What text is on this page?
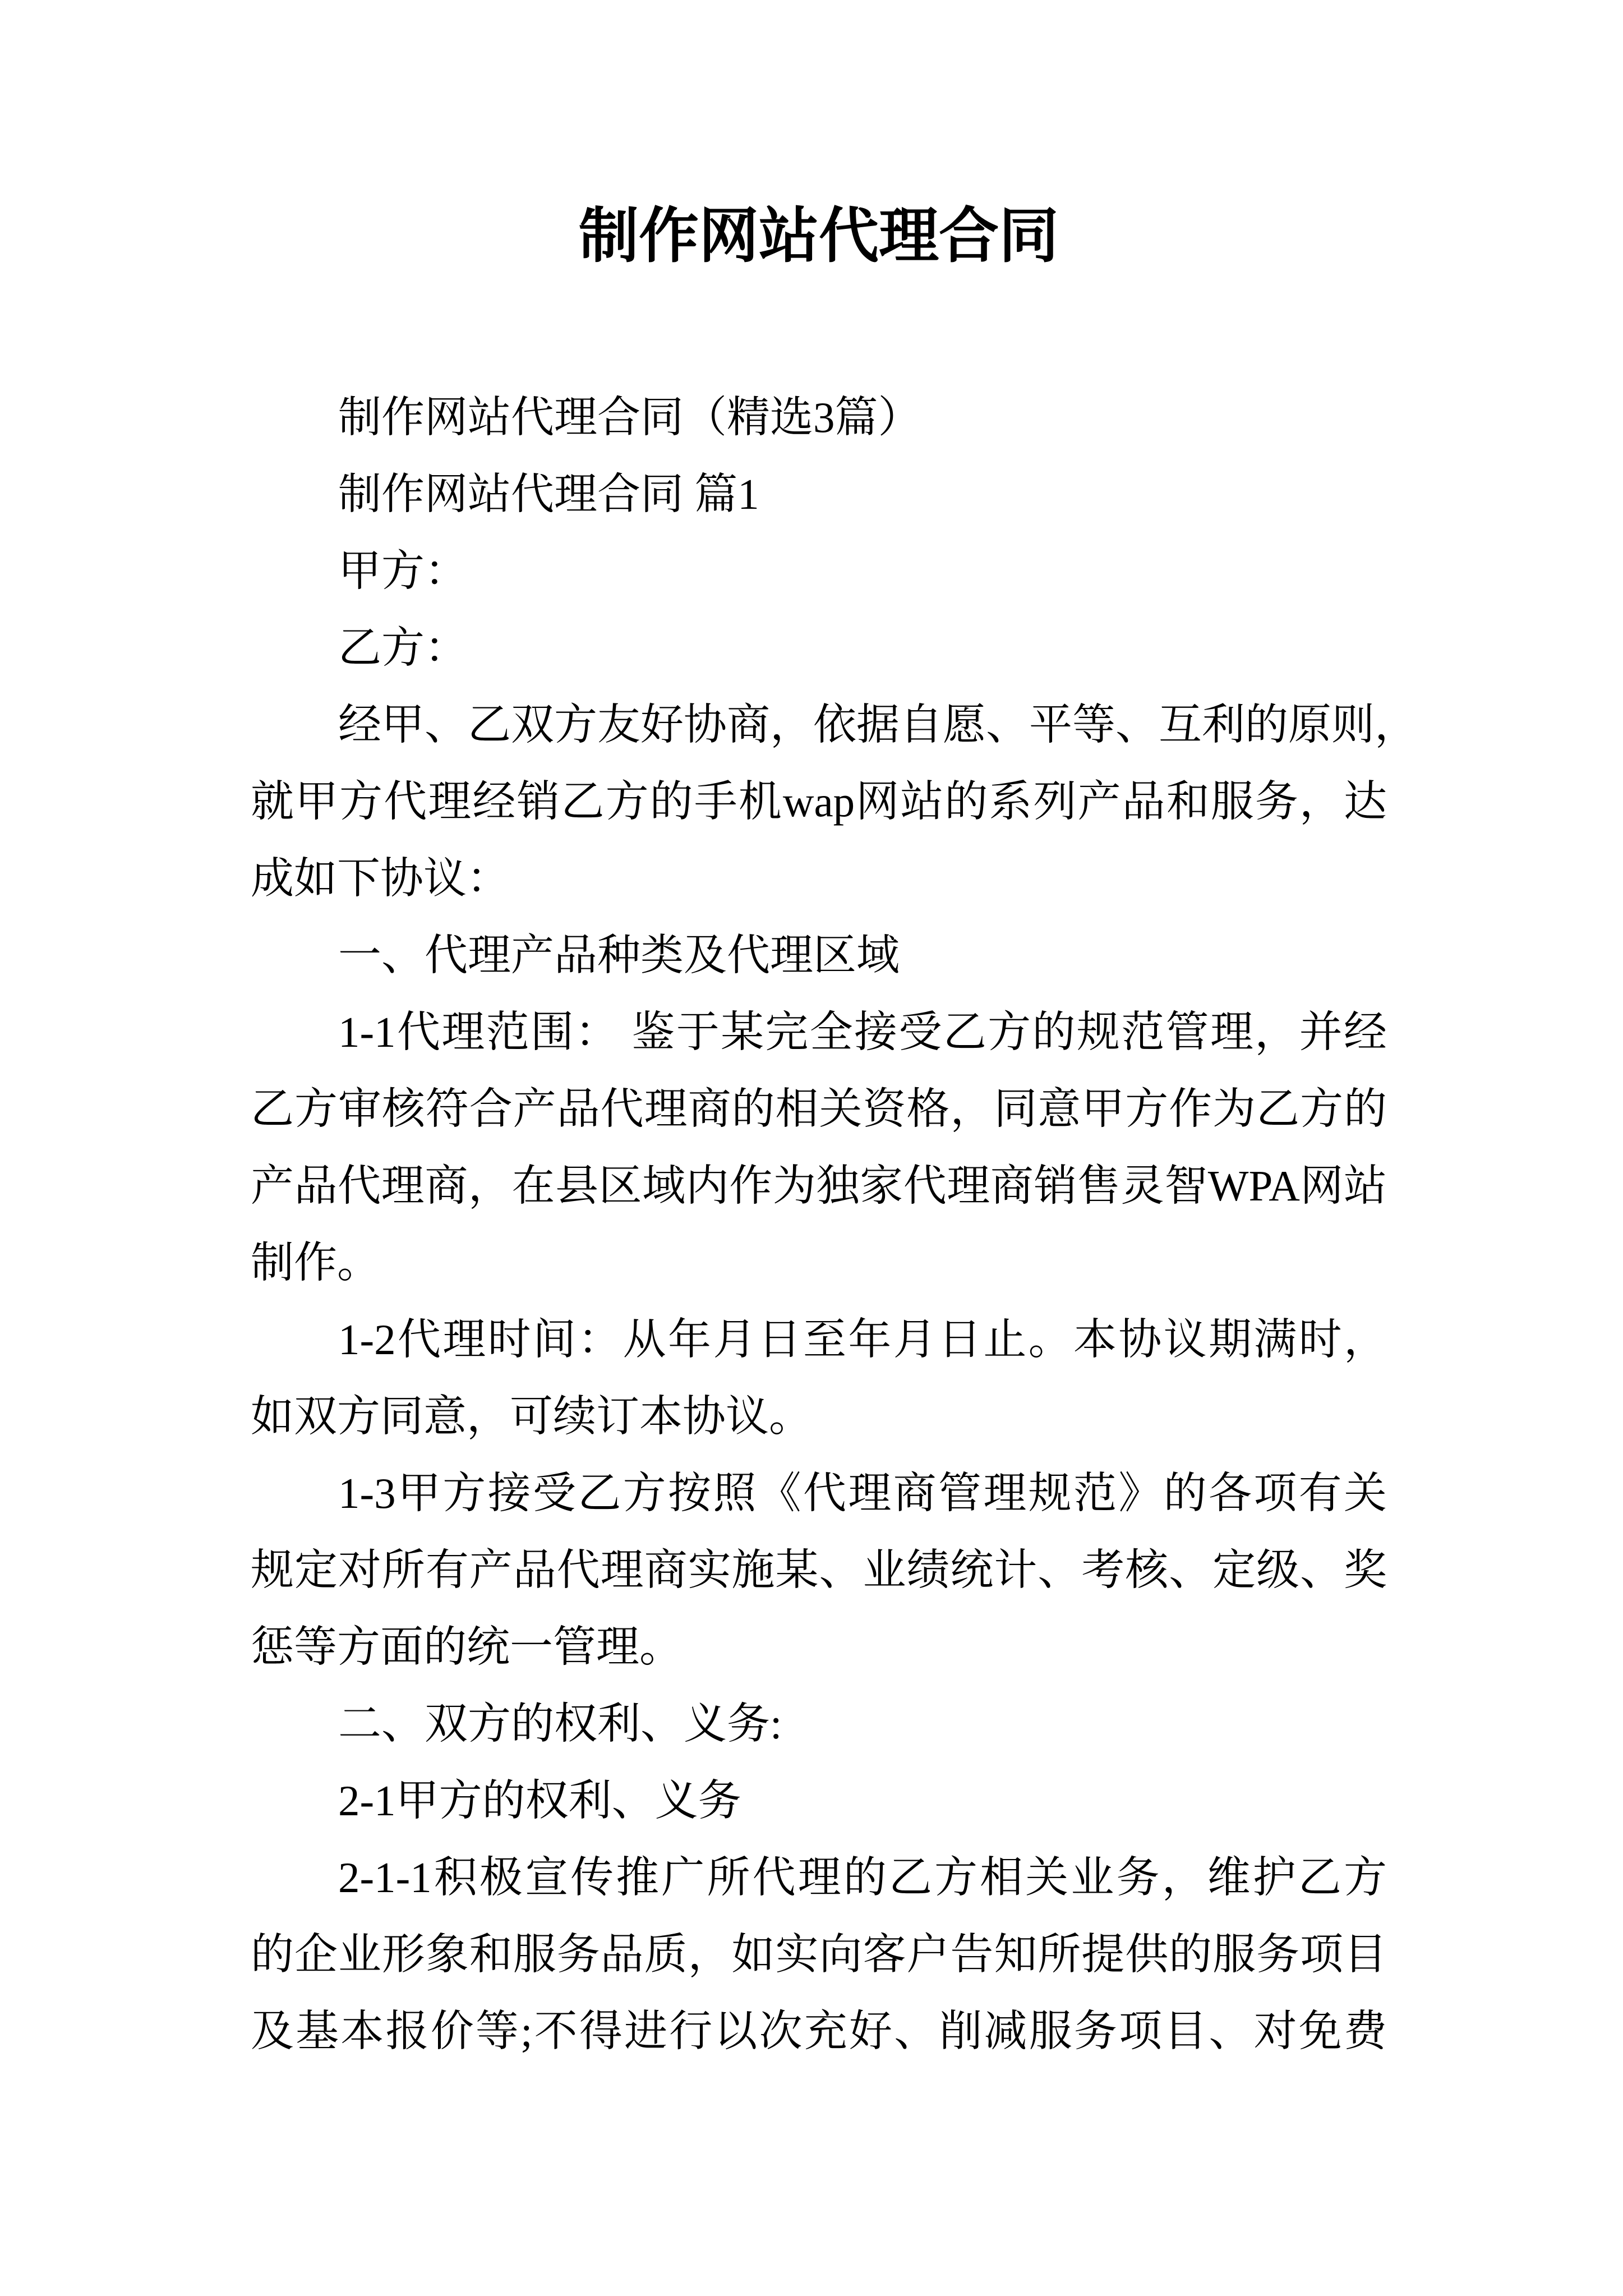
制作网站代理合同
制作网站代理合同（精选3篇）
制作网站代理合同 篇1
甲方：
乙方：
经甲、乙双方友好协商，依据自愿、平等、互利的原则，
就甲方代理经销乙方的手机wap网站的系列产品和服务，达
成如下协议：
一、代理产品种类及代理区域
1-1代理范围： 鉴于某完全接受乙方的规范管理，并经
乙方审核符合产品代理商的相关资格，同意甲方作为乙方的
产品代理商，在县区域内作为独家代理商销售灵智WPA网站
制作。
1-2代理时间：从年月日至年月日止。本协议期满时，
如双方同意，可续订本协议。
1-3甲方接受乙方按照《代理商管理规范》的各项有关
规定对所有产品代理商实施某、业绩统计、考核、定级、奖
惩等方面的统一管理。
二、双方的权利、义务:
2-1甲方的权利、义务
2-1-1积极宣传推广所代理的乙方相关业务，维护乙方
的企业形象和服务品质，如实向客户告知所提供的服务项目
及基本报价等;不得进行以次充好、削减服务项目、对免费
